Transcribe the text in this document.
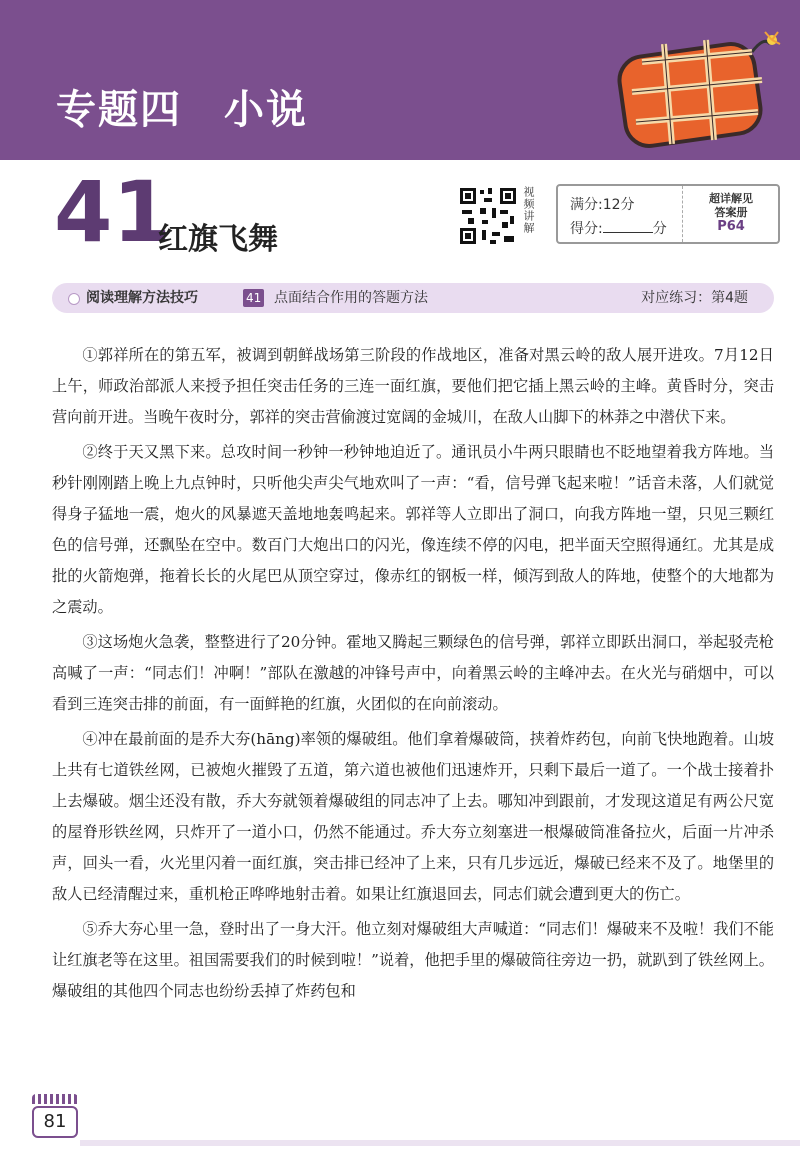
专题四　小说
41
红旗飞舞
视频讲解	满分:12分
得分:	分
超详解见
答案册
P64
阅读理解方法技巧	41 点面结合作用的答题方法	对应练习：第4题

①郭祥所在的第五军，被调到朝鲜战场第三阶段的作战地区，准备对黑云岭的敌人展开进攻。7月12日上午，师政治部派人来授予担任突击任务的三连一面红旗，要他们把它插上黑云岭的主峰。黄昏时分，突击营向前开进。当晚午夜时分，郭祥的突击营偷渡过宽阔的金城川，在敌人山脚下的林莽之中潜伏下来。

②终于天又黑下来。总攻时间一秒钟一秒钟地迫近了。通讯员小牛两只眼睛也不眨地望着我方阵地。当秒针刚刚踏上晚上九点钟时，只听他尖声尖气地欢叫了一声：“看，信号弹飞起来啦！”话音未落，人们就觉得身子猛地一震，炮火的风暴遮天盖地地轰鸣起来。郭祥等人立即出了洞口，向我方阵地一望，只见三颗红色的信号弹，还飘坠在空中。数百门大炮出口的闪光，像连续不停的闪电，把半面天空照得通红。尤其是成批的火箭炮弹，拖着长长的火尾巴从顶空穿过，像赤红的钢板一样，倾泻到敌人的阵地，使整个的大地都为之震动。

③这场炮火急袭，整整进行了20分钟。霍地又腾起三颗绿色的信号弹，郭祥立即跃出洞口，举起驳壳枪高喊了一声：“同志们！冲啊！”部队在激越的冲锋号声中，向着黑云岭的主峰冲去。在火光与硝烟中，可以看到三连突击排的前面，有一面鲜艳的红旗，火团似的在向前滚动。

④冲在最前面的是乔大夯(hāng)率领的爆破组。他们拿着爆破筒，挟着炸药包，向前飞快地跑着。山坡上共有七道铁丝网，已被炮火摧毁了五道，第六道也被他们迅速炸开，只剩下最后一道了。一个战士接着扑上去爆破。烟尘还没有散，乔大夯就领着爆破组的同志冲了上去。哪知冲到跟前，才发现这道足有两公尺宽的屋脊形铁丝网，只炸开了一道小口，仍然不能通过。乔大夯立刻塞进一根爆破筒准备拉火，后面一片冲杀声，回头一看，火光里闪着一面红旗，突击排已经冲了上来，只有几步远近，爆破已经来不及了。地堡里的敌人已经清醒过来，重机枪正哗哗地射击着。如果让红旗退回去，同志们就会遭到更大的伤亡。

⑤乔大夯心里一急，登时出了一身大汗。他立刻对爆破组大声喊道：“同志们！爆破来不及啦！我们不能让红旗老等在这里。祖国需要我们的时候到啦！”说着，他把手里的爆破筒往旁边一扔，就趴到了铁丝网上。爆破组的其他四个同志也纷纷丢掉了炸药包和

81
